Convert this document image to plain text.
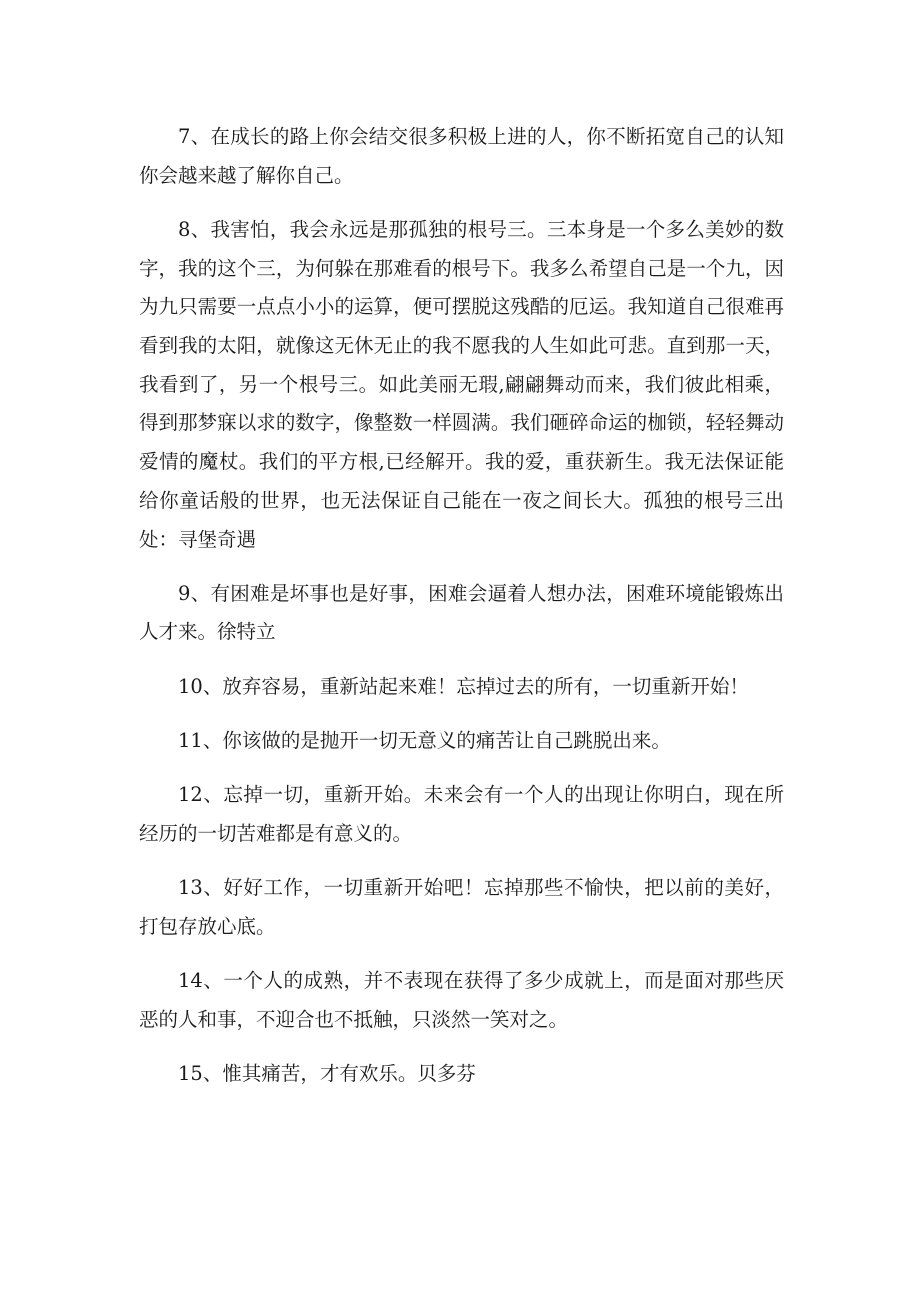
7、在成长的路上你会结交很多积极上进的人，你不断拓宽自己的认知你会越来越了解你自己。

8、我害怕，我会永远是那孤独的根号三。三本身是一个多么美妙的数字，我的这个三，为何躲在那难看的根号下。我多么希望自己是一个九，因为九只需要一点点小小的运算，便可摆脱这残酷的厄运。我知道自己很难再看到我的太阳，就像这无休无止的我不愿我的人生如此可悲。直到那一天，我看到了，另一个根号三。如此美丽无瑕,翩翩舞动而来，我们彼此相乘，得到那梦寐以求的数字，像整数一样圆满。我们砸碎命运的枷锁，轻轻舞动爱情的魔杖。我们的平方根,已经解开。我的爱，重获新生。我无法保证能给你童话般的世界，也无法保证自己能在一夜之间长大。孤独的根号三出处：寻堡奇遇

9、有困难是坏事也是好事，困难会逼着人想办法，困难环境能锻炼出人才来。徐特立

10、放弃容易，重新站起来难！忘掉过去的所有，一切重新开始！

11、你该做的是抛开一切无意义的痛苦让自己跳脱出来。

12、忘掉一切，重新开始。未来会有一个人的出现让你明白，现在所经历的一切苦难都是有意义的。

13、好好工作，一切重新开始吧！忘掉那些不愉快，把以前的美好，打包存放心底。

14、一个人的成熟，并不表现在获得了多少成就上，而是面对那些厌恶的人和事，不迎合也不抵触，只淡然一笑对之。

15、惟其痛苦，才有欢乐。贝多芬
